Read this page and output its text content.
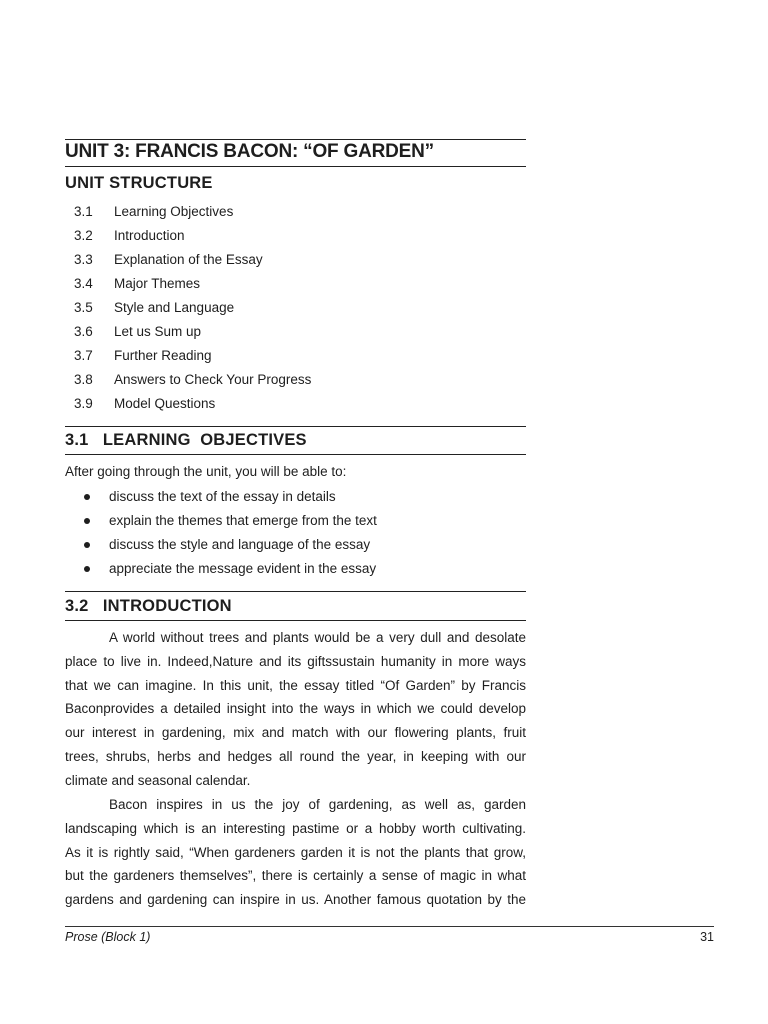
UNIT 3: FRANCIS BACON: “OF GARDEN”
UNIT STRUCTURE
3.1 Learning Objectives
3.2 Introduction
3.3 Explanation of the Essay
3.4 Major Themes
3.5 Style and Language
3.6 Let us Sum up
3.7 Further Reading
3.8 Answers to Check Your Progress
3.9 Model Questions
3.1   LEARNING  OBJECTIVES
After going through the unit, you will be able to:
discuss the text of the essay in details
explain the themes that emerge from the text
discuss the style and language of the essay
appreciate the message evident in the essay
3.2   INTRODUCTION
A world without trees and plants would be a very dull and desolate
place to live in. Indeed,Nature and its giftssustain humanity in more ways
that we can imagine. In this unit, the essay titled “Of Garden” by Francis
Baconprovides a detailed insight into the ways in which we could develop
our interest in gardening, mix and match with our flowering plants, fruit
trees, shrubs, herbs and hedges all round the year, in keeping with our
climate and seasonal calendar.
Bacon inspires in us the joy of gardening, as well as, garden
landscaping which is an interesting pastime or a hobby worth cultivating.
As it is rightly said, “When gardeners garden it is not the plants that grow,
but the gardeners themselves”, there is certainly a sense of magic in what
gardens and gardening can inspire in us. Another famous quotation by the
Prose (Block 1)	31
